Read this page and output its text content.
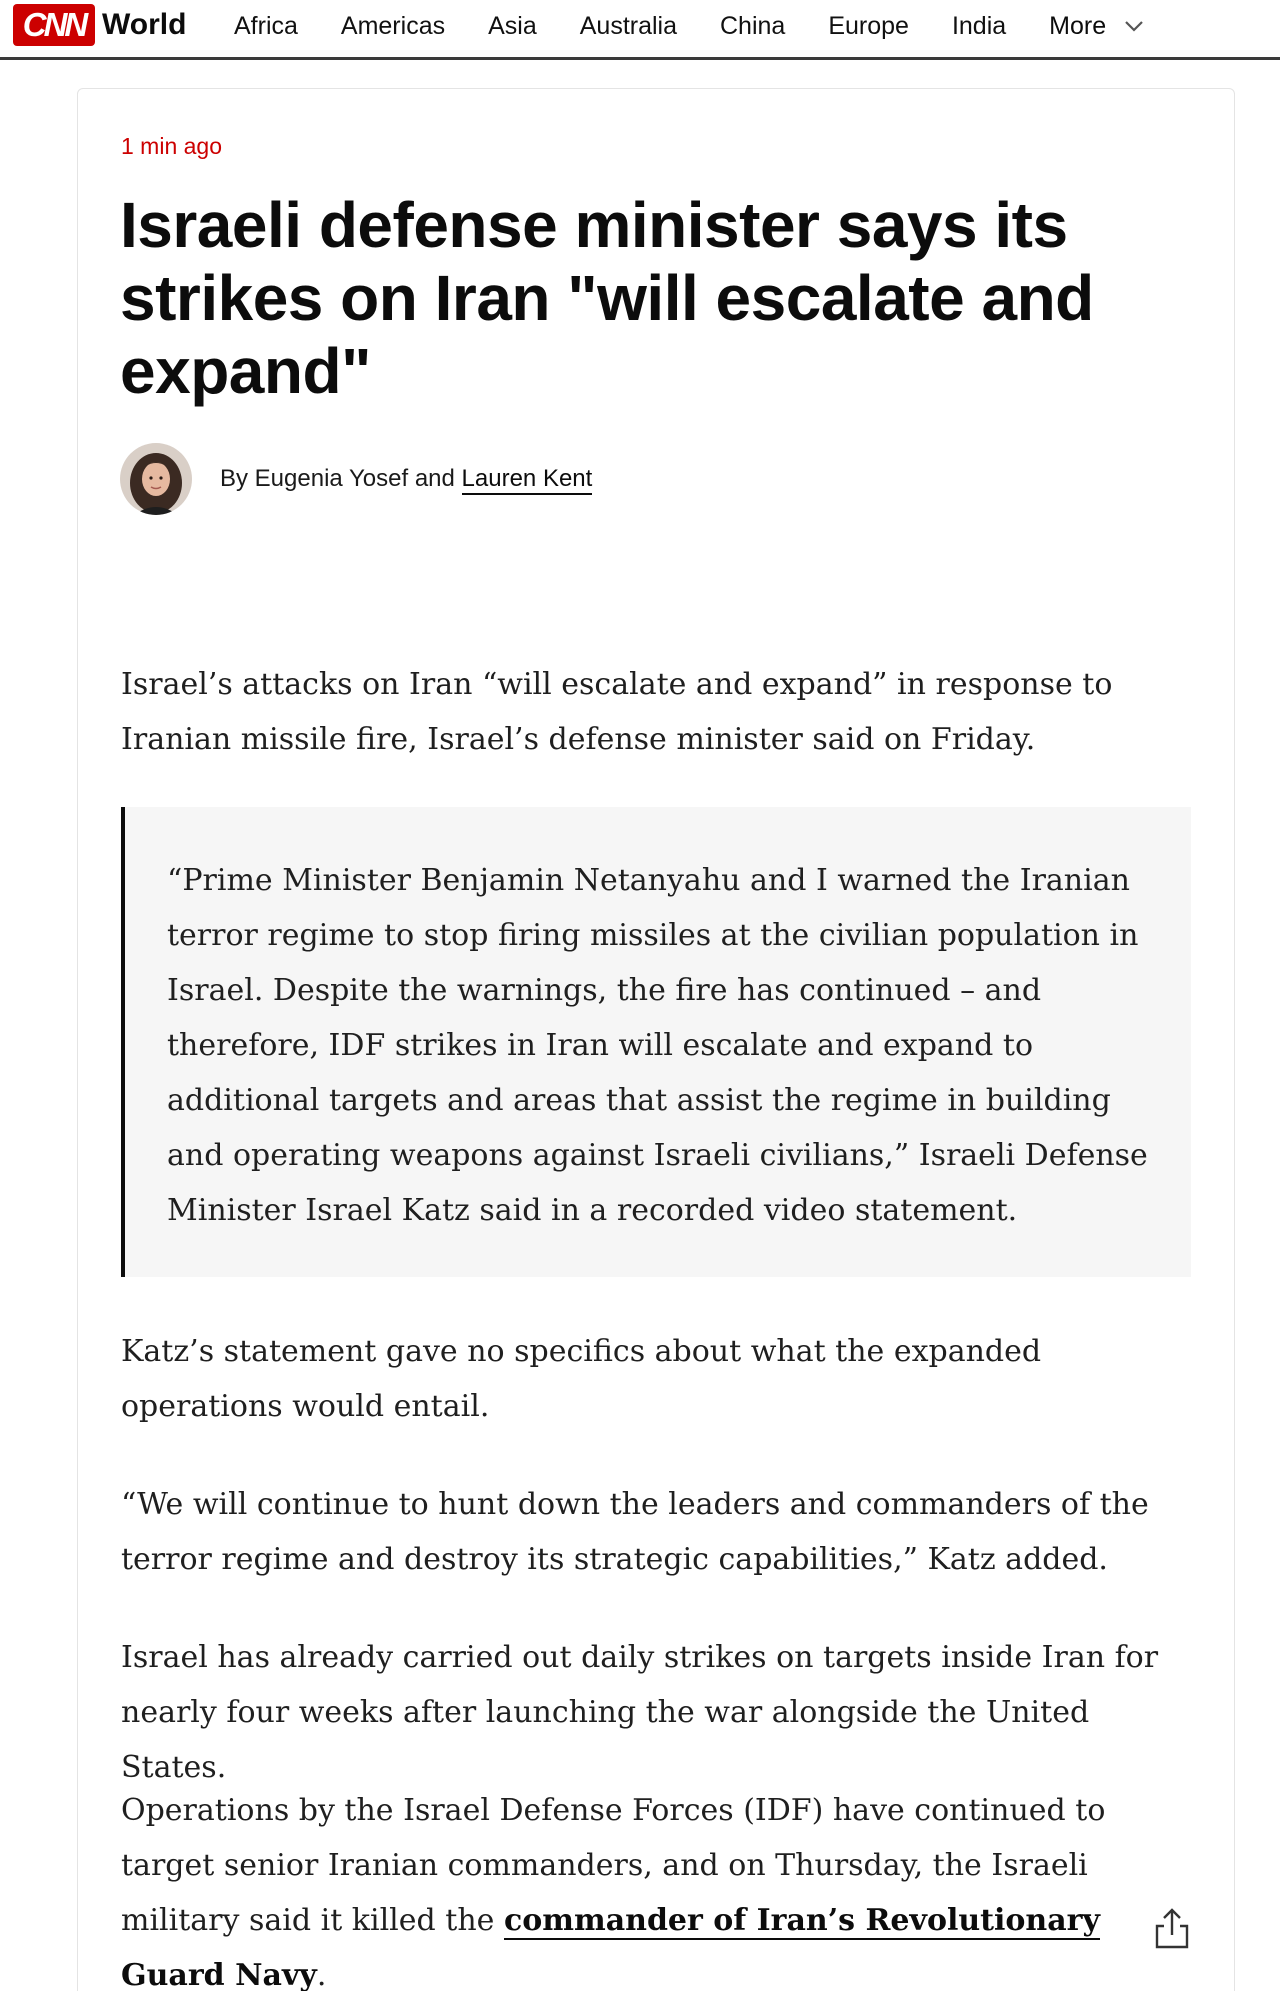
CNN World Africa Americas Asia Australia China Europe India More
1 min ago
Israeli defense minister says its strikes on Iran "will escalate and expand"
By Eugenia Yosef and Lauren Kent

Israel’s attacks on Iran “will escalate and expand” in response to Iranian missile fire, Israel’s defense minister said on Friday.

“Prime Minister Benjamin Netanyahu and I warned the Iranian terror regime to stop firing missiles at the civilian population in Israel. Despite the warnings, the fire has continued – and therefore, IDF strikes in Iran will escalate and expand to additional targets and areas that assist the regime in building and operating weapons against Israeli civilians,” Israeli Defense Minister Israel Katz said in a recorded video statement.

Katz’s statement gave no specifics about what the expanded operations would entail.

“We will continue to hunt down the leaders and commanders of the terror regime and destroy its strategic capabilities,” Katz added.

Israel has already carried out daily strikes on targets inside Iran for nearly four weeks after launching the war alongside the United States.

Operations by the Israel Defense Forces (IDF) have continued to target senior Iranian commanders, and on Thursday, the Israeli military said it killed the commander of Iran’s Revolutionary Guard Navy.
